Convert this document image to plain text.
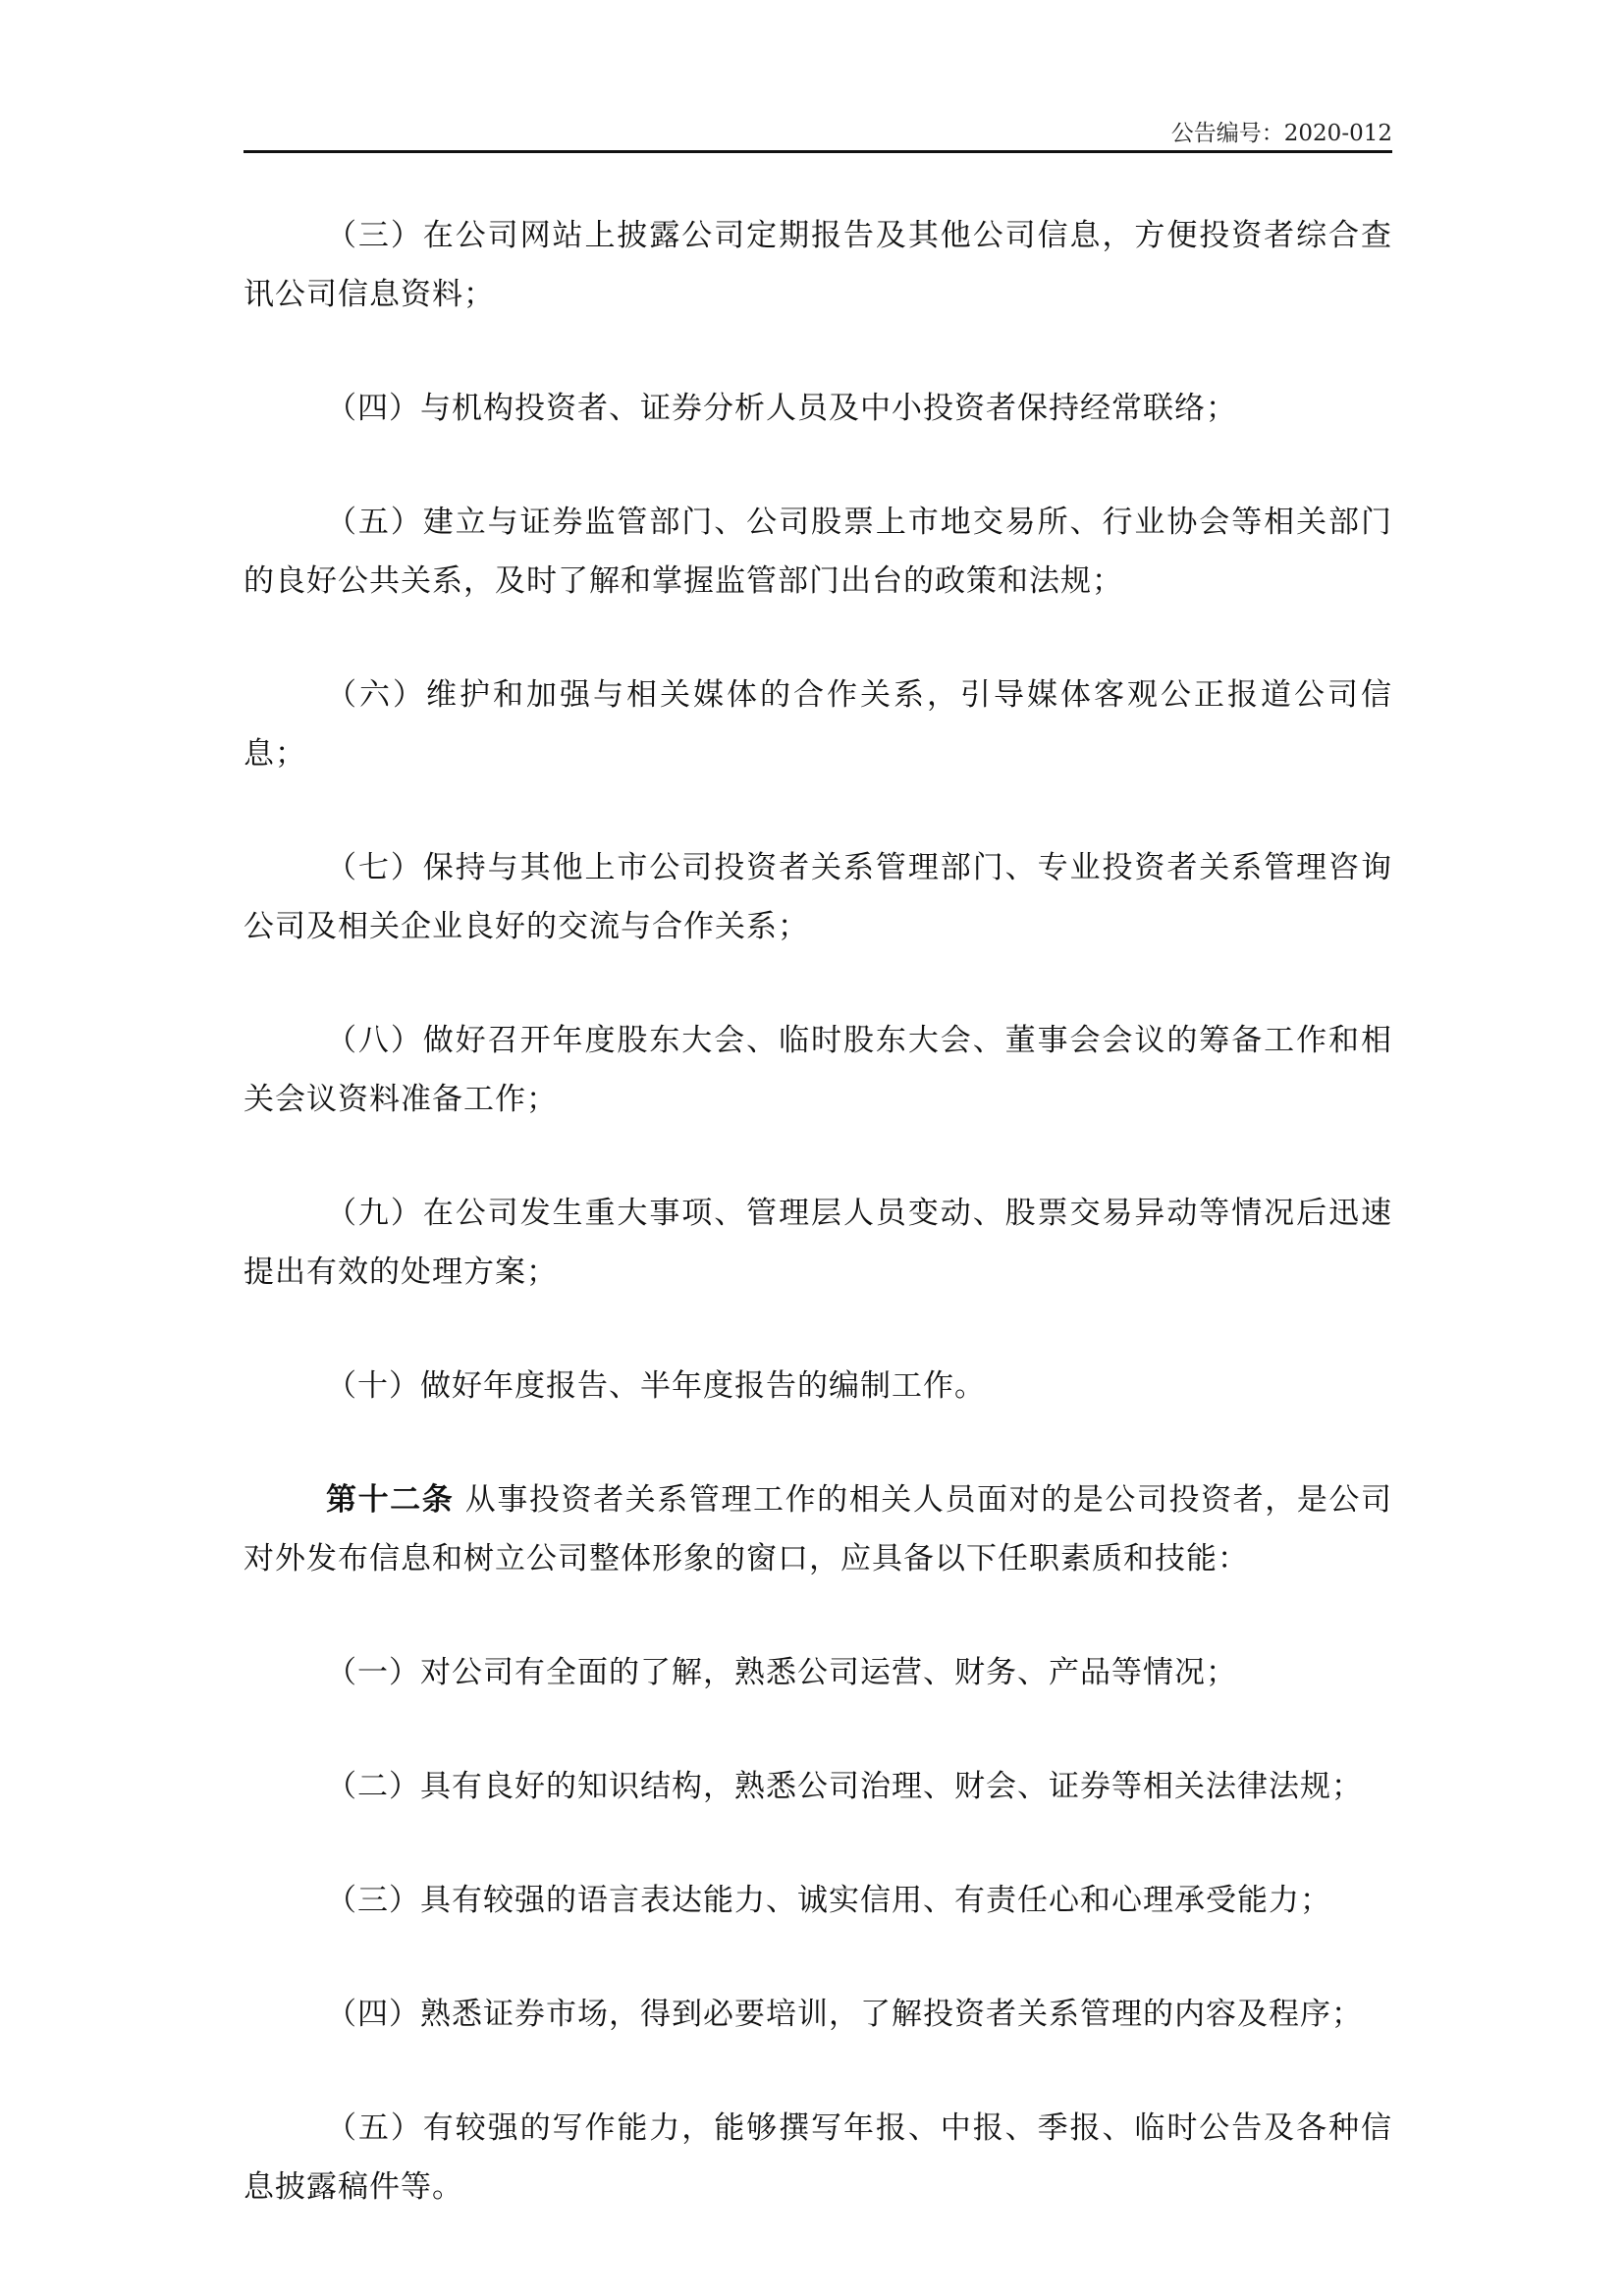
公告编号：2020-012

（三）在公司网站上披露公司定期报告及其他公司信息，方便投资者综合查讯公司信息资料；

（四）与机构投资者、证券分析人员及中小投资者保持经常联络；

（五）建立与证券监管部门、公司股票上市地交易所、行业协会等相关部门的良好公共关系，及时了解和掌握监管部门出台的政策和法规；

（六）维护和加强与相关媒体的合作关系，引导媒体客观公正报道公司信息；

（七）保持与其他上市公司投资者关系管理部门、专业投资者关系管理咨询公司及相关企业良好的交流与合作关系；

（八）做好召开年度股东大会、临时股东大会、董事会会议的筹备工作和相关会议资料准备工作；

（九）在公司发生重大事项、管理层人员变动、股票交易异动等情况后迅速提出有效的处理方案；

（十）做好年度报告、半年度报告的编制工作。

第十二条 从事投资者关系管理工作的相关人员面对的是公司投资者，是公司对外发布信息和树立公司整体形象的窗口，应具备以下任职素质和技能：

（一）对公司有全面的了解，熟悉公司运营、财务、产品等情况；

（二）具有良好的知识结构，熟悉公司治理、财会、证券等相关法律法规；

（三）具有较强的语言表达能力、诚实信用、有责任心和心理承受能力；

（四）熟悉证券市场，得到必要培训，了解投资者关系管理的内容及程序；

（五）有较强的写作能力，能够撰写年报、中报、季报、临时公告及各种信息披露稿件等。
